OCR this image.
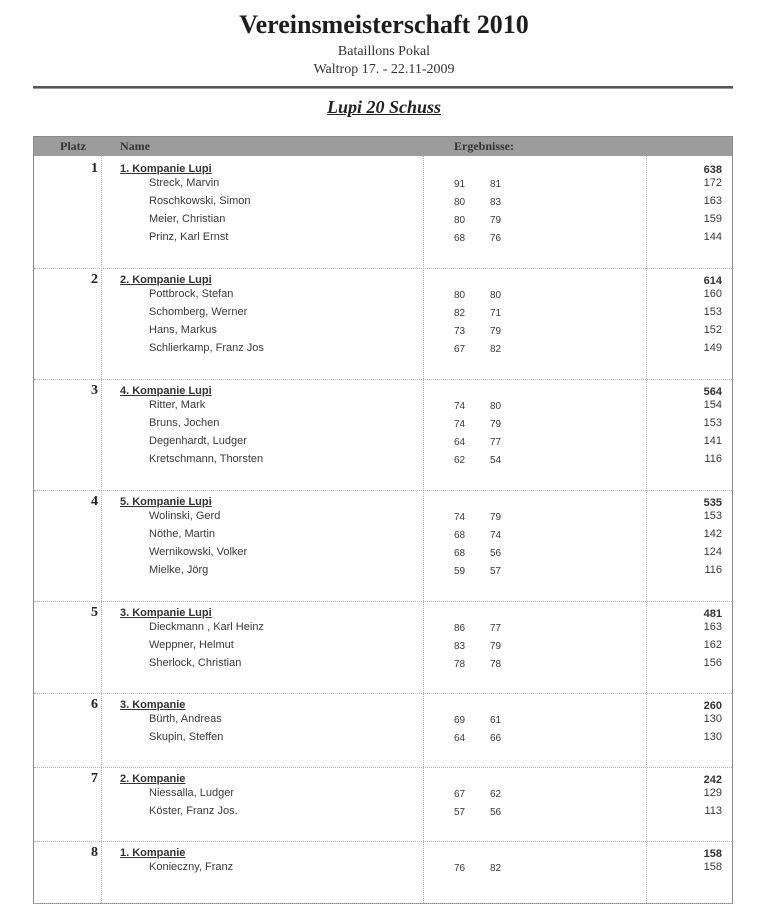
Vereinsmeisterschaft 2010
Bataillons Pokal
Waltrop 17. - 22.11-2009
Lupi 20 Schuss
Platz	Name	Ergebnisse:
1 1. Kompanie Lupi	638
Streck, Marvin	91 81	172
Roschkowski, Simon	80 83	163
Meier, Christian	80 79	159
Prinz, Karl Ernst	68 76	144
2 2. Kompanie Lupi	614
Pottbrock, Stefan	80 80	160
Schomberg, Werner	82 71	153
Hans, Markus	73 79	152
Schlierkamp, Franz Jos	67 82	149
3 4. Kompanie Lupi	564
Ritter, Mark	74 80	154
Bruns, Jochen	74 79	153
Degenhardt, Ludger	64 77	141
Kretschmann, Thorsten	62 54	116
4 5. Kompanie Lupi	535
Wolinski, Gerd	74 79	153
Nöthe, Martin	68 74	142
Wernikowski, Volker	68 56	124
Mielke, Jörg	59 57	116
5 3. Kompanie Lupi	481
Dieckmann , Karl Heinz	86 77	163
Weppner, Helmut	83 79	162
Sherlock, Christian	78 78	156
6 3. Kompanie	260
Bürth, Andreas	69 61	130
Skupin, Steffen	64 66	130
7 2. Kompanie	242
Niessalla, Ludger	67 62	129
Köster, Franz Jos.	57 56	113
8 1. Kompanie	158
Konieczny, Franz	76 82	158
